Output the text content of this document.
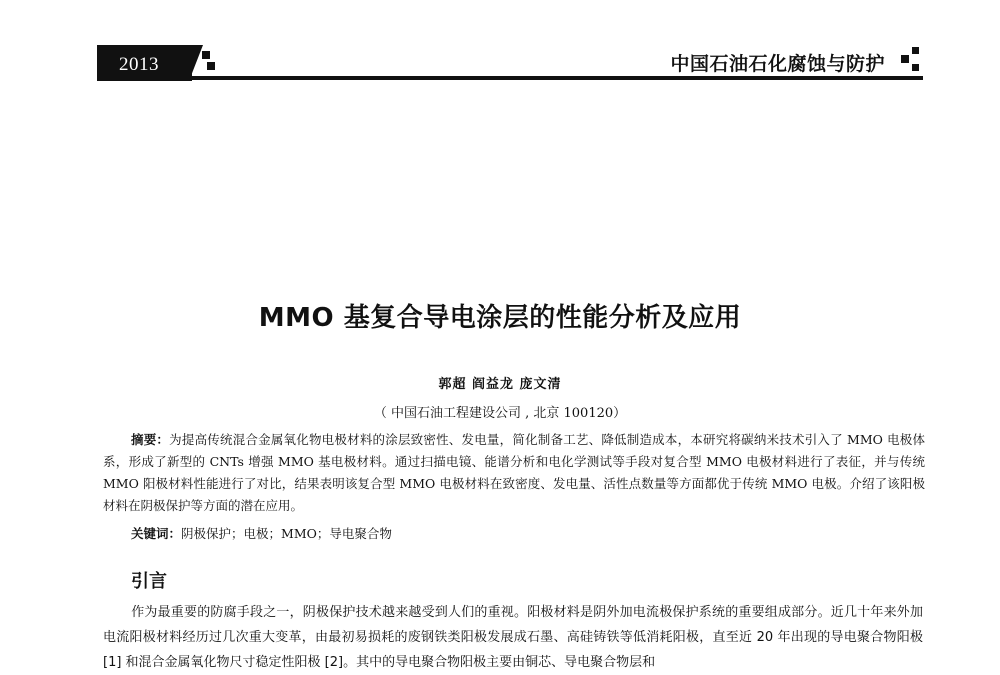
2013	中国石油石化腐蚀与防护
MMO 基复合导电涂层的性能分析及应用
郭超 阎益龙 庞文清
（ 中国石油工程建设公司 , 北京 100120）
摘要：为提高传统混合金属氧化物电极材料的涂层致密性、发电量，简化制备工艺、降低制造成本，本研究将碳纳米技术引入了 MMO 电极体系，形成了新型的 CNTs 增强 MMO 基电极材料。通过扫描电镜、能谱分析和电化学测试等手段对复合型 MMO 电极材料进行了表征，并与传统 MMO 阳极材料性能进行了对比，结果表明该复合型 MMO 电极材料在致密度、发电量、活性点数量等方面都优于传统 MMO 电极。介绍了该阳极材料在阴极保护等方面的潜在应用。
关键词：阴极保护；电极；MMO；导电聚合物
引言
作为最重要的防腐手段之一，阴极保护技术越来越受到人们的重视。阳极材料是阴外加电流极保护系统的重要组成部分。近几十年来外加电流阳极材料经历过几次重大变革，由最初易损耗的废钢铁类阳极发展成石墨、高硅铸铁等低消耗阳极，直至近 20 年出现的导电聚合物阳极 [1] 和混合金属氧化物尺寸稳定性阳极 [2]。其中的导电聚合物阳极主要由铜芯、导电聚合物层和
